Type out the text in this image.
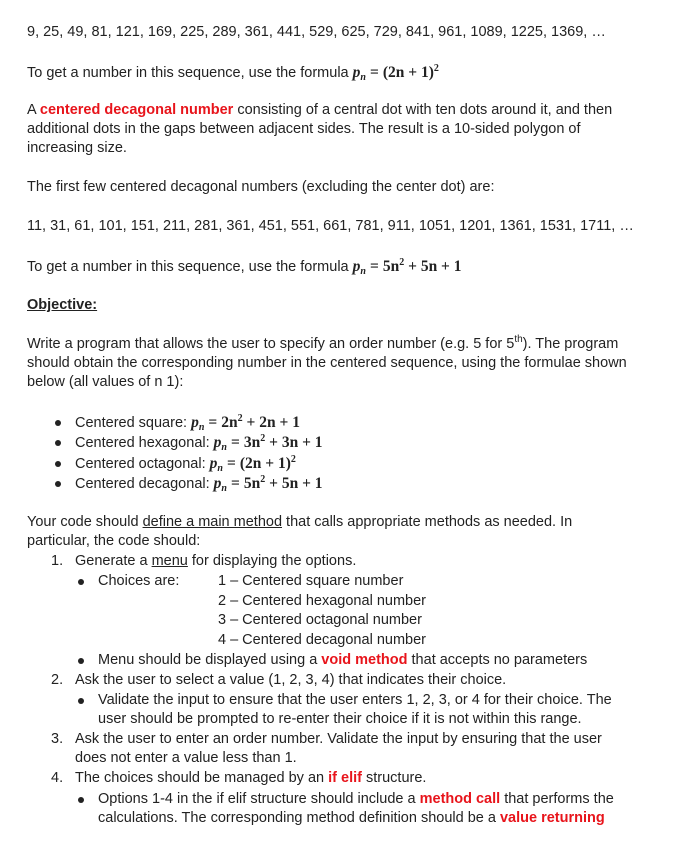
9, 25, 49, 81, 121, 169, 225, 289, 361, 441, 529, 625, 729, 841, 961, 1089, 1225, 1369, …
To get a number in this sequence, use the formula $p_n = (2n + 1)^2$
A centered decagonal number consisting of a central dot with ten dots around it, and then
additional dots in the gaps between adjacent sides. The result is a 10-sided polygon of
increasing size.
The first few centered decagonal numbers (excluding the center dot) are:
11, 31, 61, 101, 151, 211, 281, 361, 451, 551, 661, 781, 911, 1051, 1201, 1361, 1531, 1711, …
To get a number in this sequence, use the formula $p_n = 5n^2 + 5n + 1$
Objective:
Write a program that allows the user to specify an order number (e.g. 5 for 5th). The program
should obtain the corresponding number in the centered sequence, using the formulae shown
below (all values of n 1):
Centered square: $p_n = 2n^2 + 2n + 1$
Centered hexagonal: $p_n = 3n^2 + 3n + 1$
Centered octagonal: $p_n = (2n + 1)^2$
Centered decagonal: $p_n = 5n^2 + 5n + 1$
Your code should define a main method that calls appropriate methods as needed. In
particular, the code should:
1. Generate a menu for displaying the options.
Choices are:	1 – Centered square number
2 – Centered hexagonal number
3 – Centered octagonal number
4 – Centered decagonal number
Menu should be displayed using a void method that accepts no parameters
2. Ask the user to select a value (1, 2, 3, 4) that indicates their choice.
Validate the input to ensure that the user enters 1, 2, 3, or 4 for their choice. The
user should be prompted to re-enter their choice if it is not within this range.
3. Ask the user to enter an order number. Validate the input by ensuring that the user
does not enter a value less than 1.
4. The choices should be managed by an if elif structure.
Options 1-4 in the if elif structure should include a method call that performs the
calculations. The corresponding method definition should be a value returning
